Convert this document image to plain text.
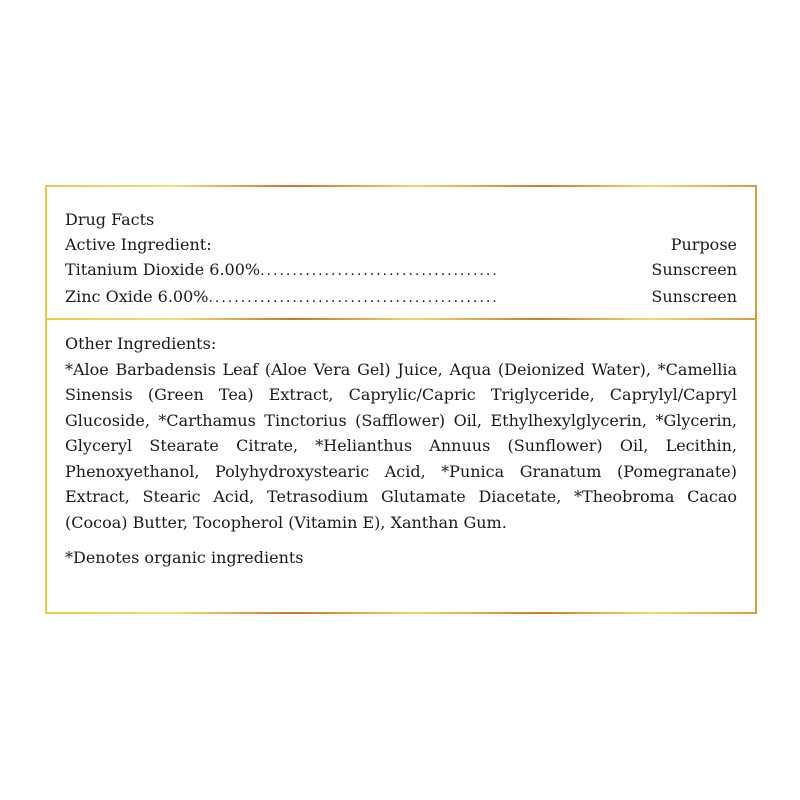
Drug Facts
Active Ingredient:	Purpose
Titanium Dioxide 6.00% .....................................	Sunscreen
Zinc Oxide 6.00% .............................................	Sunscreen
Other Ingredients:

*Aloe Barbadensis Leaf (Aloe Vera Gel) Juice, Aqua (Deionized Water), *Camellia Sinensis (Green Tea) Extract, Caprylic/Capric Triglyceride, Caprylyl/Capryl Glucoside, *Carthamus Tinctorius (Safflower) Oil, Ethylhexylglycerin, *Glycerin, Glyceryl Stearate Citrate, *Helianthus Annuus (Sunflower) Oil, Lecithin, Phenoxyethanol, Polyhydroxystearic Acid, *Punica Granatum (Pomegranate) Extract, Stearic Acid, Tetrasodium Glutamate Diacetate, *Theobroma Cacao (Cocoa) Butter, Tocopherol (Vitamin E), Xanthan Gum.

*Denotes organic ingredients
